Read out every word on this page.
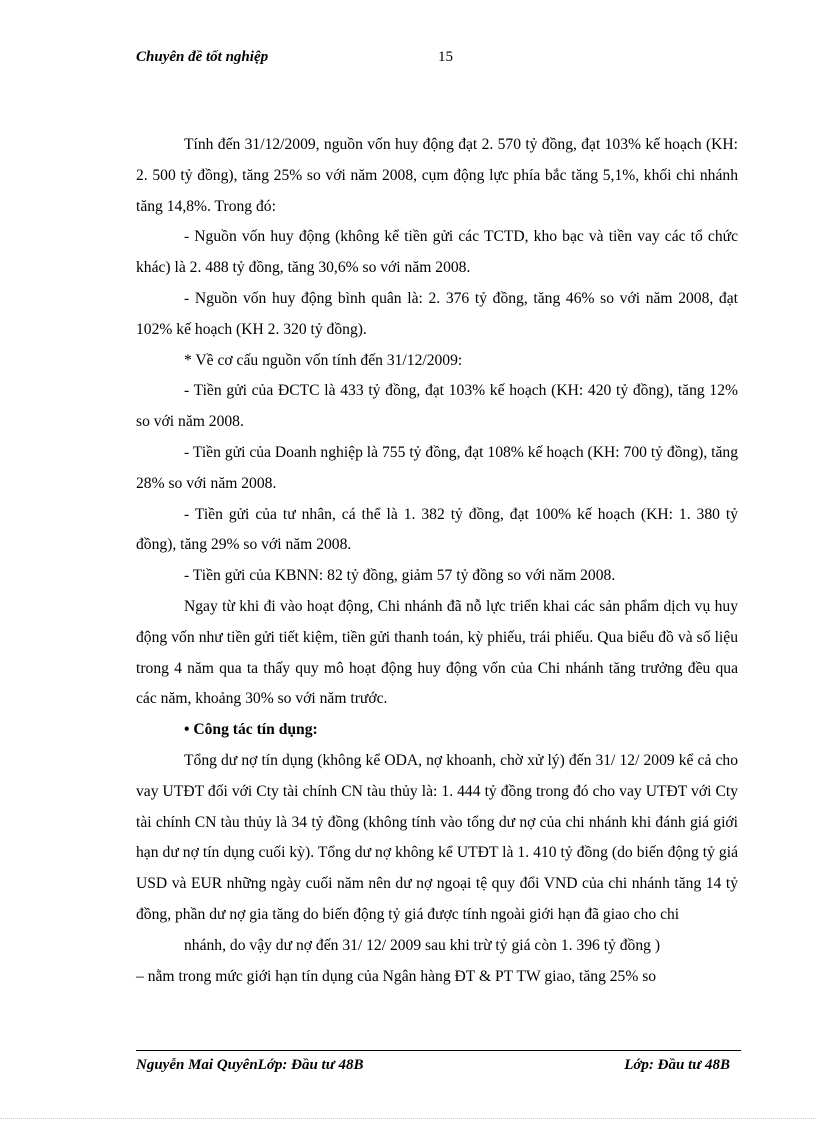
Chuyên đề tốt nghiệp	15

Tính đến 31/12/2009, nguồn vốn huy động đạt 2. 570 tỷ đồng, đạt 103% kế hoạch (KH: 2. 500 tỷ đồng), tăng 25% so với năm 2008, cụm động lực phía bắc tăng 5,1%, khối chi nhánh tăng 14,8%. Trong đó:

- Nguồn vốn huy động (không kể tiền gửi các TCTD, kho bạc và tiền vay các tổ chức khác) là 2. 488 tỷ đồng, tăng 30,6% so với năm 2008.

- Nguồn vốn huy động bình quân là: 2. 376 tỷ đồng, tăng 46% so với năm 2008, đạt 102% kế hoạch (KH 2. 320 tỷ đồng).

* Về cơ cấu nguồn vốn tính đến 31/12/2009:

- Tiền gửi của ĐCTC là 433 tỷ đồng, đạt 103% kế hoạch (KH: 420 tỷ đồng), tăng 12% so với năm 2008.

- Tiền gửi của Doanh nghiệp là 755 tỷ đồng, đạt 108% kế hoạch (KH: 700 tỷ đồng), tăng 28% so với năm 2008.

- Tiền gửi của tư nhân, cá thể là 1. 382 tỷ đồng, đạt 100% kế hoạch (KH: 1. 380 tỷ đồng), tăng 29% so với năm 2008.

- Tiền gửi của KBNN: 82 tỷ đồng, giảm 57 tỷ đồng so với năm 2008.

Ngay từ khi đi vào hoạt động, Chi nhánh đã nỗ lực triển khai các sản phẩm dịch vụ huy động vốn như tiền gửi tiết kiệm, tiền gửi thanh toán, kỳ phiếu, trái phiếu. Qua biểu đồ và số liệu trong 4 năm qua ta thấy quy mô hoạt động huy động vốn của Chi nhánh tăng trưởng đều qua các năm, khoảng 30% so với năm trước.

• Công tác tín dụng:

Tổng dư nợ tín dụng (không kể ODA, nợ khoanh, chờ xử lý) đến 31/ 12/ 2009 kể cả cho vay UTĐT đối với Cty tài chính CN tàu thủy là: 1. 444 tỷ đồng trong đó cho vay UTĐT với Cty tài chính CN tàu thủy là 34 tỷ đồng (không tính vào tổng dư nợ của chi nhánh khi đánh giá giới hạn dư nợ tín dụng cuối kỳ). Tổng dư nợ không kể UTĐT là 1. 410 tỷ đồng (do biến động tỷ giá USD và EUR những ngày cuối năm nên dư nợ ngoại tệ quy đổi VND của chi nhánh tăng 14 tỷ đồng, phần dư nợ gia tăng do biến động tỷ giá được tính ngoài giới hạn đã giao cho chi

nhánh, do vậy dư nợ đến 31/ 12/ 2009 sau khi trừ tỷ giá còn 1. 396 tỷ đồng )

– nằm trong mức giới hạn tín dụng của Ngân hàng ĐT & PT TW giao, tăng 25% so

Nguyễn Mai QuyênLớp: Đầu tư 48B	Lớp: Đầu tư 48B
